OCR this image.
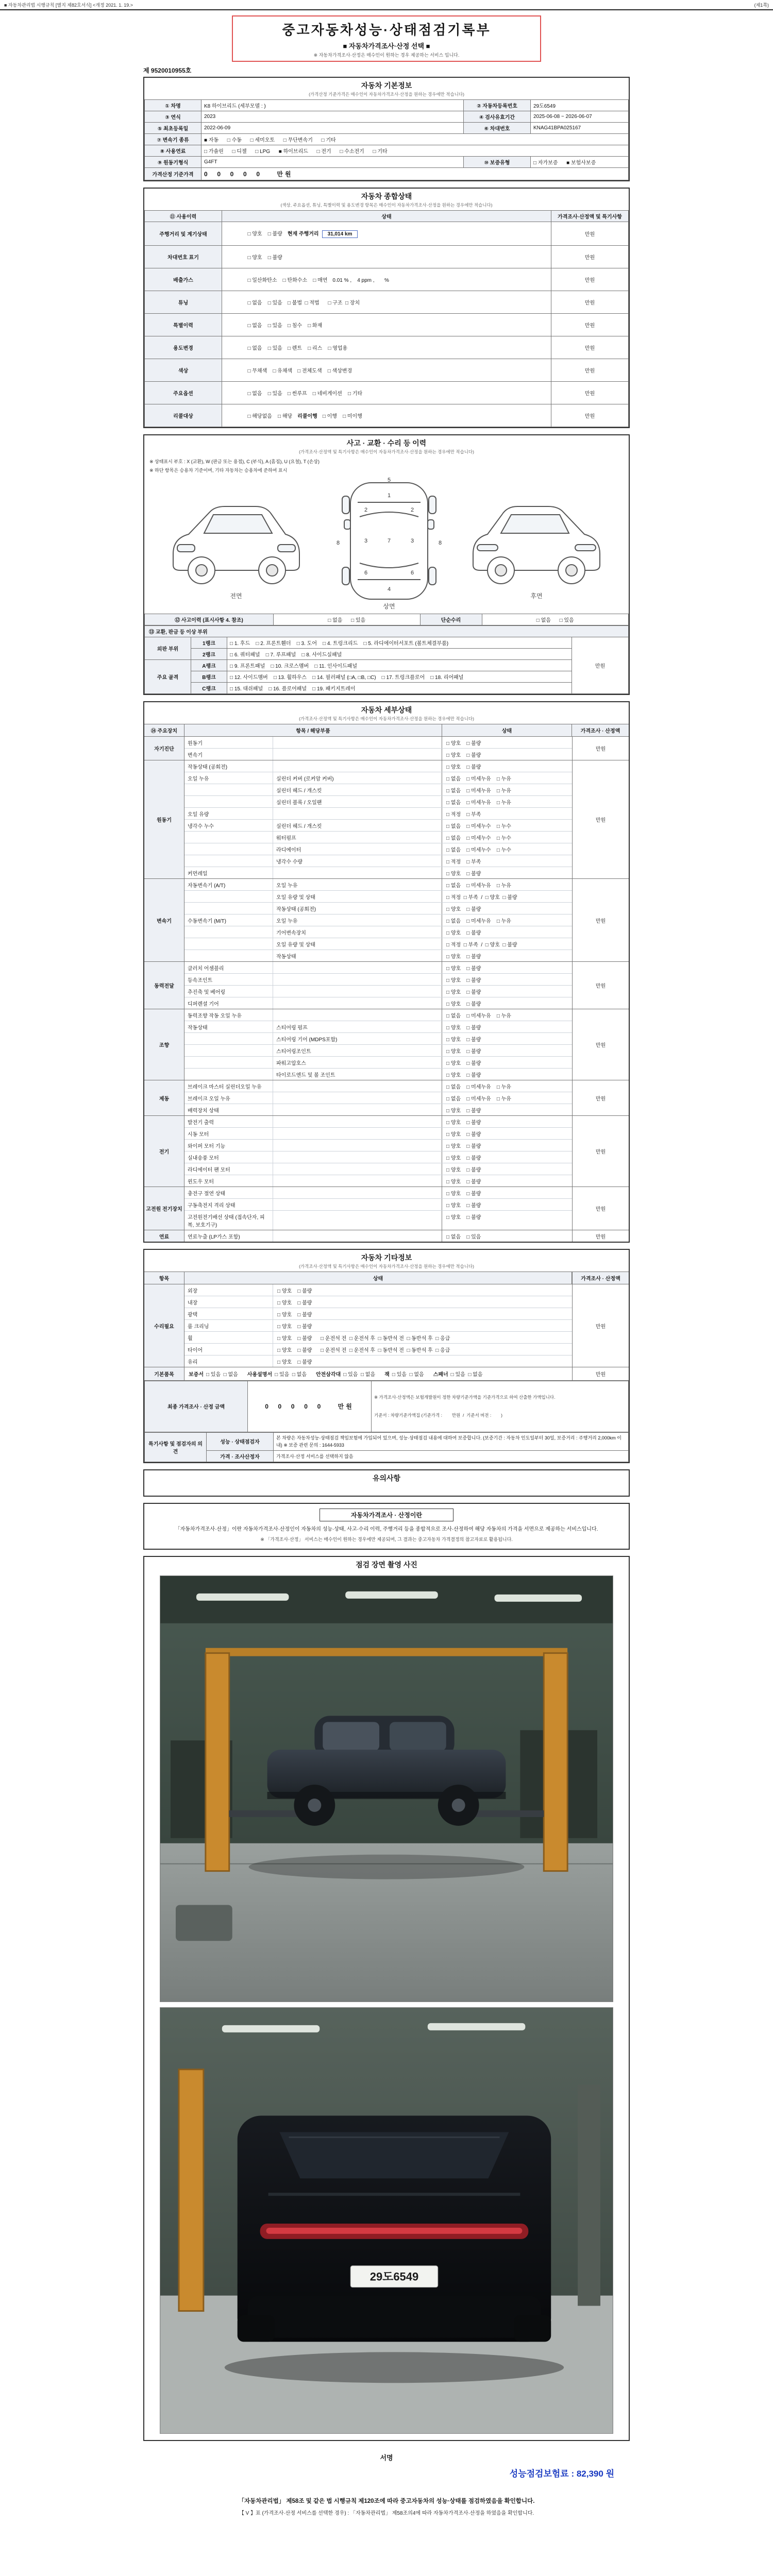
■ 자동차관리법 시행규칙 [별지 제82호서식] <개정 2021. 1. 19.>	(제1쪽)
중고자동차성능·상태점검기록부
■ 자동차가격조사·산정 선택 ■
※ 자동차가격조사·산정은 매수인이 원하는 경우 제공하는 서비스 입니다.
제 9520010955호
자동차 기본정보
(가격산정 기준가격은 매수인이 자동차가격조사·산정을 원하는 경우에만 적습니다)
① 차명	K8 하이브리드 (세부모델 : )	② 자동차등록번호	29도6549
③ 연식	2023	④ 검사유효기간	2025-06-08 ~ 2026-06-07
⑤ 최초등록일	2022-06-09	⑥ 차대번호	KNAG41BPA025167
⑦ 변속기 종류	■ 자동      □ 수동      □ 세미오토      □ 무단변속기      □ 기타		
⑧ 사용연료	□ 가솔린      □ 디젤      □ LPG      ■ 하이브리드      □ 전기      □ 수소전기      □ 기타		
⑨ 원동기형식	G4FT	⑩ 보증유형	□ 자가보증      ■ 보험사보증
가격산정 기준가격	0  0  0  0  0    만원		
자동차 종합상태
(색상, 주요옵션, 튜닝, 특별이력 및 용도변경 항목은 매수인이 자동차가격조사·산정을 원하는 경우에만 적습니다)
⑪ 사용이력	상태	가격조사·산정액 및 특기사항
주행거리 및 계기상태	□ 양호    □ 불량 현재 주행거리 31,014 km	만원
차대번호 표기	□ 양호    □ 불량	만원
배출가스	□ 일산화탄소    □ 탄화수소    □ 매연 0.01 % ,    4 ppm ,       %	만원
튜닝	□ 없음    □ 있음 □ 불법  □ 적법      □ 구조  □ 장치	만원
특별이력	□ 없음    □ 있음 □ 침수    □ 화재	만원
용도변경	□ 없음    □ 있음 □ 렌트    □ 리스    □ 영업용	만원
색상	□ 무채색    □ 유채색 □ 전체도색    □ 색상변경	만원
주요옵션	□ 없음    □ 있음 □ 썬루프    □ 네비게이션    □ 기타	만원
리콜대상	□ 해당없음    □ 해당 리콜이행 □ 이행    □ 미이행	만원
사고 · 교환 · 수리 등 이력
(가격조사·산정액 및 특기사항은 매수인이 자동차가격조사·산정을 원하는 경우에만 적습니다)
※ 상태표시 부호 : X (교환), W (판금 또는 용접), C (부식), A (흠집), U (요철), T (손상)
※ 하단 항목은 승용차 기준이며, 기타 자동차는 승용차에 준하여 표시
전면
1
2	2
3	3
7
6	6
4
5
8	8
상면
후면
⑫ 사고이력 (표시사항 4. 참조)	□ 없음      □ 있음	단순수리	□ 없음      □ 있음
⑬ 교환, 판금 등 이상 부위			
외판 부위	1랭크	□ 1. 후드    □ 2. 프론트휀더    □ 3. 도어    □ 4. 트렁크리드    □ 5. 라디에이터서포트 (볼트체결부품)	만원
	2랭크	□ 6. 쿼터패널    □ 7. 루프패널    □ 8. 사이드실패널	
주요 골격	A랭크	□ 9. 프론트패널    □ 10. 크로스멤버    □ 11. 인사이드패널	
	B랭크	□ 12. 사이드멤버    □ 13. 휠하우스    □ 14. 필러패널 (□A, □B, □C)    □ 17. 트렁크플로어    □ 18. 리어패널	
	C랭크	□ 15. 대쉬패널    □ 16. 플로어패널    □ 19. 패키지트레이	
자동차 세부상태
(가격조사·산정액 및 특기사항은 매수인이 자동차가격조사·산정을 원하는 경우에만 적습니다)
⑭ 주요장치	항목 / 해당부품	상태	가격조사 · 산정액
자기진단
원동기	□ 양호    □ 불량
변속기	□ 양호    □ 불량
만원
원동기
작동상태 (공회전)	□ 양호    □ 불량
오일 누유	실린더 커버 (로커암 커버)	□ 없음    □ 미세누유    □ 누유
실린더 헤드 / 개스킷	□ 없음    □ 미세누유    □ 누유
실린더 블록 / 오일팬	□ 없음    □ 미세누유    □ 누유
오일 유량	□ 적정    □ 부족
냉각수 누수	실린더 헤드 / 개스킷	□ 없음    □ 미세누수    □ 누수
워터펌프	□ 없음    □ 미세누수    □ 누수
라디에이터	□ 없음    □ 미세누수    □ 누수
냉각수 수량	□ 적정    □ 부족
커먼레일	□ 양호    □ 불량
만원
변속기
자동변속기 (A/T)	오일 누유	□ 없음    □ 미세누유    □ 누유
오일 유량 및 상태	□ 적정  □ 부족  /  □ 양호  □ 불량
작동상태 (공회전)	□ 양호    □ 불량
수동변속기 (M/T)	오일 누유	□ 없음    □ 미세누유    □ 누유
기어변속장치	□ 양호    □ 불량
오일 유량 및 상태	□ 적정  □ 부족  /  □ 양호  □ 불량
작동상태	□ 양호    □ 불량
만원
동력전달
클러치 어셈블리	□ 양호    □ 불량
등속조인트	□ 양호    □ 불량
추진축 및 베어링	□ 양호    □ 불량
디퍼렌셜 기어	□ 양호    □ 불량
만원
조향
동력조향 작동 오일 누유	□ 없음    □ 미세누유    □ 누유
작동상태	스티어링 펌프	□ 양호    □ 불량
스티어링 기어 (MDPS포함)	□ 양호    □ 불량
스티어링조인트	□ 양호    □ 불량
파워고압호스	□ 양호    □ 불량
타이로드엔드 및 볼 조인트	□ 양호    □ 불량
만원
제동
브레이크 마스터 실린더오일 누유	□ 없음    □ 미세누유    □ 누유
브레이크 오일 누유	□ 없음    □ 미세누유    □ 누유
배력장치 상태	□ 양호    □ 불량
만원
전기
발전기 출력	□ 양호    □ 불량
시동 모터	□ 양호    □ 불량
와이퍼 모터 기능	□ 양호    □ 불량
실내송풍 모터	□ 양호    □ 불량
라디에이터 팬 모터	□ 양호    □ 불량
윈도우 모터	□ 양호    □ 불량
만원
고전원 전기장치
충전구 절연 상태	□ 양호    □ 불량
구동축전지 격리 상태	□ 양호    □ 불량
고전원전기배선 상태 (접속단자, 피복, 보호기구)
□ 양호    □ 불량
만원
연료	연료누출 (LP가스 포함)	□ 없음    □ 있음	만원
자동차 기타정보
(가격조사·산정액 및 특기사항은 매수인이 자동차가격조사·산정을 원하는 경우에만 적습니다)
항목	상태	가격조사 · 산정액
수리필요
외장	□ 양호    □ 불량
내장	□ 양호    □ 불량
광택	□ 양호    □ 불량
룸 크리닝	□ 양호    □ 불량
휠	□ 양호    □ 불량      □ 운전석 전  □ 운전석 후  □ 동반석 전  □ 동반석 후  □ 응급
타이어	□ 양호    □ 불량      □ 운전석 전  □ 운전석 후  □ 동반석 전  □ 동반석 후  □ 응급
유리	□ 양호    □ 불량
만원
기본품목	보증서 □ 있음  □ 없음 사용설명서 □ 있음  □ 없음 안전삼각대 □ 있음  □ 없음 잭 □ 있음  □ 없음 스패너 □ 있음  □ 없음	만원
최종 가격조사 · 산정 금액	0  0  0  0  0    만원	

※ 가격조사·산정액은 보험개발원이 정한 차량기준가액을 기준가격으로 하여 산출한 가액입니다.

기준서 : 차량기준가액집 (기준가격 :        만원  /  기준서 버전 :        )

특기사항 및 점검자의 의견	성능 · 상태점검자	본 차량은 자동차성능·상태점검 책임보험에 가입되어 있으며, 성능·상태점검 내용에 대하여 보증합니다. (보증기간 : 자동차 인도일부터 30일, 보증거리 : 주행거리 2,000km 이내) ※ 보증 관련 문의 : 1644-5933
	가격 · 조사산정자	가격조사·산정 서비스를 선택하지 않음
유의사항
자동차가격조사 · 산정이란
「자동차가격조사·산정」이란 자동차가격조사·산정인이 자동차의 성능·상태, 사고·수리 이력, 주행거리 등을 종합적으로 조사·산정하여 해당 자동차의 가격을 서면으로 제공하는 서비스입니다.
※ 「가격조사·산정」 서비스는 매수인이 원하는 경우에만 제공되며, 그 결과는 중고자동차 가격결정의 참고자료로 활용됩니다.
점검 장면 촬영 사진
29도6549
서명
성능점검보험료 : 82,390 원
「자동차관리법」 제58조 및 같은 법 시행규칙 제120조에 따라 중고자동차의 성능·상태를 점검하였음을 확인합니다.
【 V 】표 (가격조사·산정 서비스를 선택한 경우) : 「자동차관리법」 제58조의4에 따라 자동차가격조사·산정을 하였음을 확인합니다.
